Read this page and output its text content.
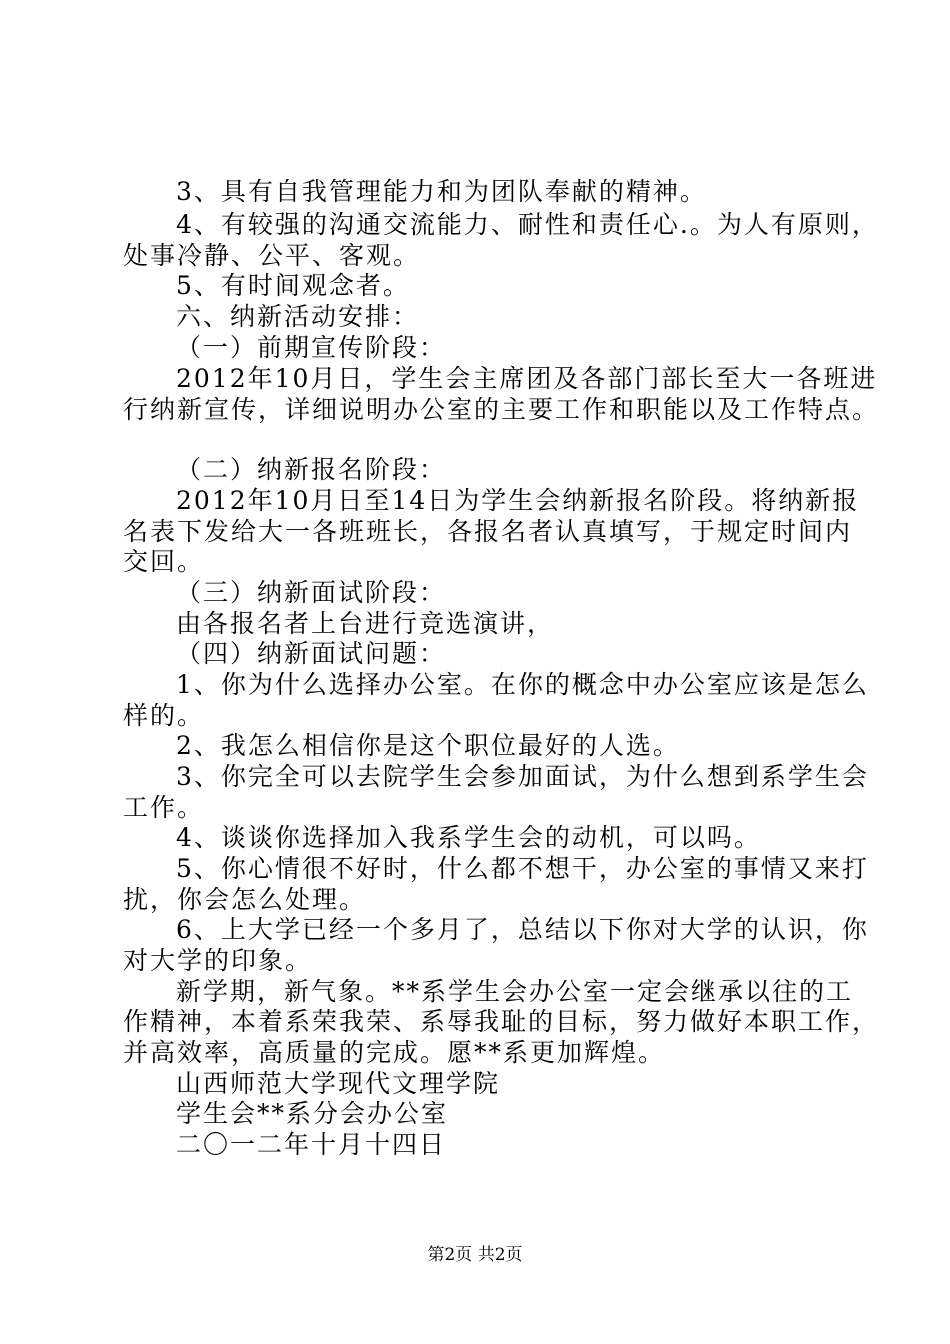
3、具有自我管理能力和为团队奉献的精神。
4、有较强的沟通交流能力、耐性和责任心.。为人有原则，
处事冷静、公平、客观。
5、有时间观念者。
六、纳新活动安排：
（一）前期宣传阶段：
2012年10月日，学生会主席团及各部门部长至大一各班进
行纳新宣传，详细说明办公室的主要工作和职能以及工作特点。
（二）纳新报名阶段：
2012年10月日至14日为学生会纳新报名阶段。将纳新报
名表下发给大一各班班长，各报名者认真填写，于规定时间内
交回。
（三）纳新面试阶段：
由各报名者上台进行竞选演讲，
（四）纳新面试问题：
1、你为什么选择办公室。在你的概念中办公室应该是怎么
样的。
2、我怎么相信你是这个职位最好的人选。
3、你完全可以去院学生会参加面试，为什么想到系学生会
工作。
4、谈谈你选择加入我系学生会的动机，可以吗。
5、你心情很不好时，什么都不想干，办公室的事情又来打
扰，你会怎么处理。
6、上大学已经一个多月了，总结以下你对大学的认识，你
对大学的印象。
新学期，新气象。**系学生会办公室一定会继承以往的工
作精神，本着系荣我荣、系辱我耻的目标，努力做好本职工作，
并高效率，高质量的完成。愿**系更加辉煌。
山西师范大学现代文理学院
学生会**系分会办公室
二〇一二年十月十四日
第2页 共2页
